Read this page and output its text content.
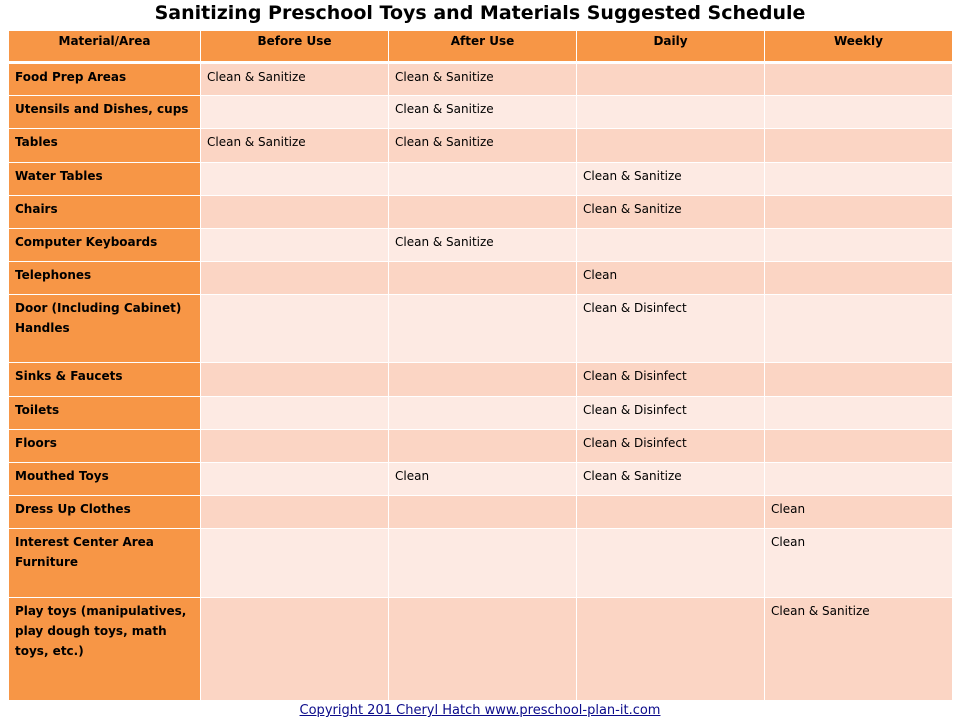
Sanitizing Preschool Toys and Materials Suggested Schedule
Material/Area	Before Use	After Use	Daily	Weekly
Food Prep Areas	Clean & Sanitize	Clean & Sanitize		
Utensils and Dishes, cups		Clean & Sanitize		
Tables	Clean & Sanitize	Clean & Sanitize		
Water Tables			Clean & Sanitize	
Chairs			Clean & Sanitize	
Computer Keyboards		Clean & Sanitize		
Telephones			Clean	
Door (Including Cabinet) Handles			Clean & Disinfect	
Sinks & Faucets			Clean & Disinfect	
Toilets			Clean & Disinfect	
Floors			Clean & Disinfect	
Mouthed Toys		Clean	Clean & Sanitize	
Dress Up Clothes				Clean
Interest Center Area Furniture				Clean
Play toys (manipulatives, play dough toys, math toys, etc.)				Clean & Sanitize
Copyright 201 Cheryl Hatch www.preschool-plan-it.com
